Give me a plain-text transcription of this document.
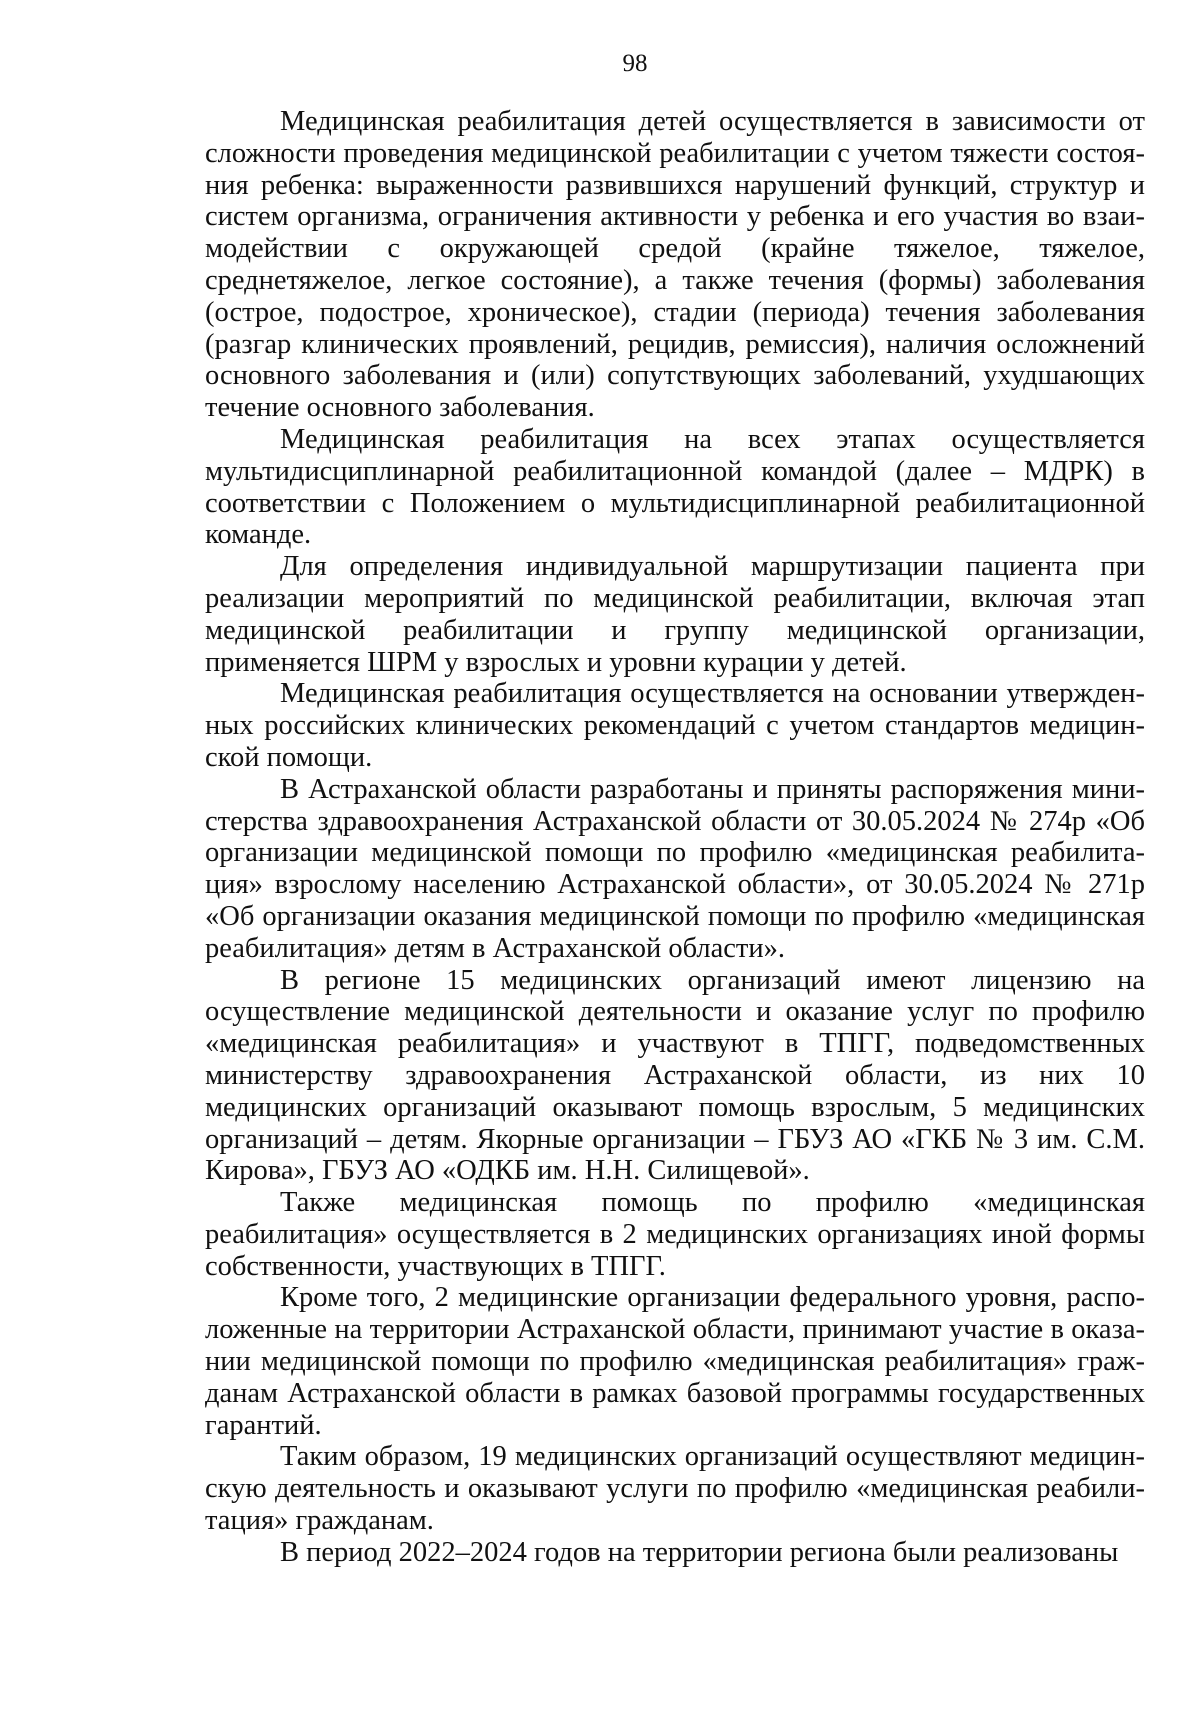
98

Медицинская реабилитация детей осуществляется в зависимости от сложности проведения медицинской реабилитации с учетом тяжести состояния ребенка: выраженности развившихся нарушений функций, структур и систем организма, ограничения активности у ребенка и его участия во взаимодействии с окружающей средой (крайне тяжелое, тяжелое, среднетяжелое, легкое состояние), а также течения (формы) заболевания (острое, подострое, хроническое), стадии (периода) течения заболевания (разгар клинических проявлений, рецидив, ремиссия), наличия осложнений основного заболевания и (или) сопутствующих заболеваний, ухудшающих течение основного заболевания.

Медицинская реабилитация на всех этапах осуществляется мультидисциплинарной реабилитационной командой (далее – МДРК) в соответствии с Положением о мультидисциплинарной реабилитационной команде.

Для определения индивидуальной маршрутизации пациента при реализации мероприятий по медицинской реабилитации, включая этап медицинской реабилитации и группу медицинской организации, применяется ШРМ у взрослых и уровни курации у детей.

Медицинская реабилитация осуществляется на основании утвержденных российских клинических рекомендаций с учетом стандартов медицинской помощи.

В Астраханской области разработаны и приняты распоряжения министерства здравоохранения Астраханской области от 30.05.2024 № 274р «Об организации медицинской помощи по профилю «медицинская реабилитация» взрослому населению Астраханской области», от 30.05.2024 № 271р «Об организации оказания медицинской помощи по профилю «медицинская реабилитация» детям в Астраханской области».

В регионе 15 медицинских организаций имеют лицензию на осуществление медицинской деятельности и оказание услуг по профилю «медицинская реабилитация» и участвуют в ТПГГ, подведомственных министерству здравоохранения Астраханской области, из них 10 медицинских организаций оказывают помощь взрослым, 5 медицинских организаций – детям. Якорные организации – ГБУЗ АО «ГКБ № 3 им. С.М. Кирова», ГБУЗ АО «ОДКБ им. Н.Н. Силищевой».

Также медицинская помощь по профилю «медицинская реабилитация» осуществляется в 2 медицинских организациях иной формы собственности, участвующих в ТПГГ.

Кроме того, 2 медицинские организации федерального уровня, расположенные на территории Астраханской области, принимают участие в оказании медицинской помощи по профилю «медицинская реабилитация» гражданам Астраханской области в рамках базовой программы государственных гарантий.

Таким образом, 19 медицинских организаций осуществляют медицинскую деятельность и оказывают услуги по профилю «медицинская реабилитация» гражданам.

В период 2022–2024 годов на территории региона были реализованы
